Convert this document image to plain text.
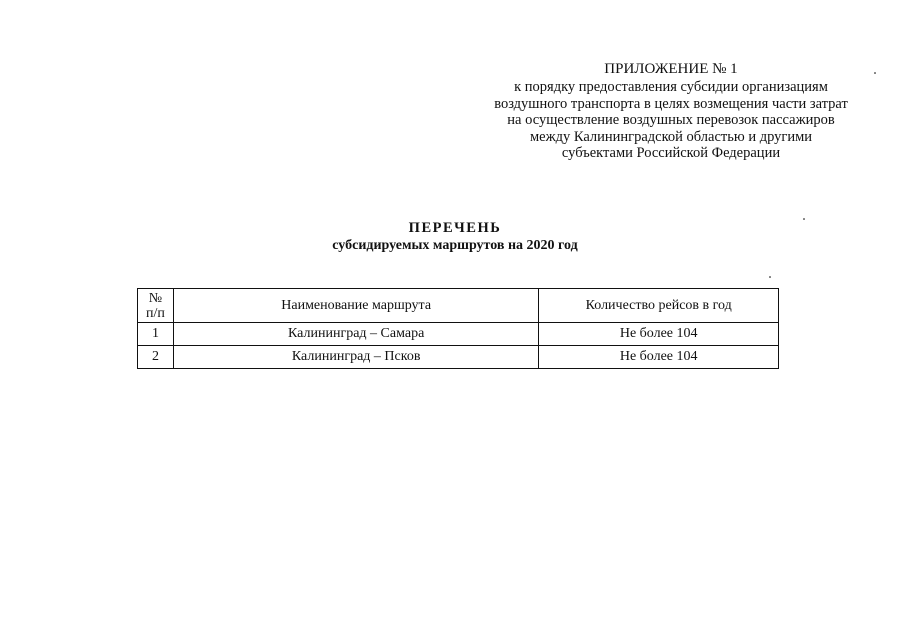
ПРИЛОЖЕНИЕ № 1
к порядку предоставления субсидии организациям
воздушного транспорта в целях возмещения части затрат
на осуществление воздушных перевозок пассажиров
между Калининградской областью и другими
субъектами Российской Федерации
ПЕРЕЧЕНЬ
субсидируемых маршрутов на 2020 год
№
п/п	Наименование маршрута	Количество рейсов в год
1	Калининград – Самара	Не более 104
2	Калининград – Псков	Не более 104
